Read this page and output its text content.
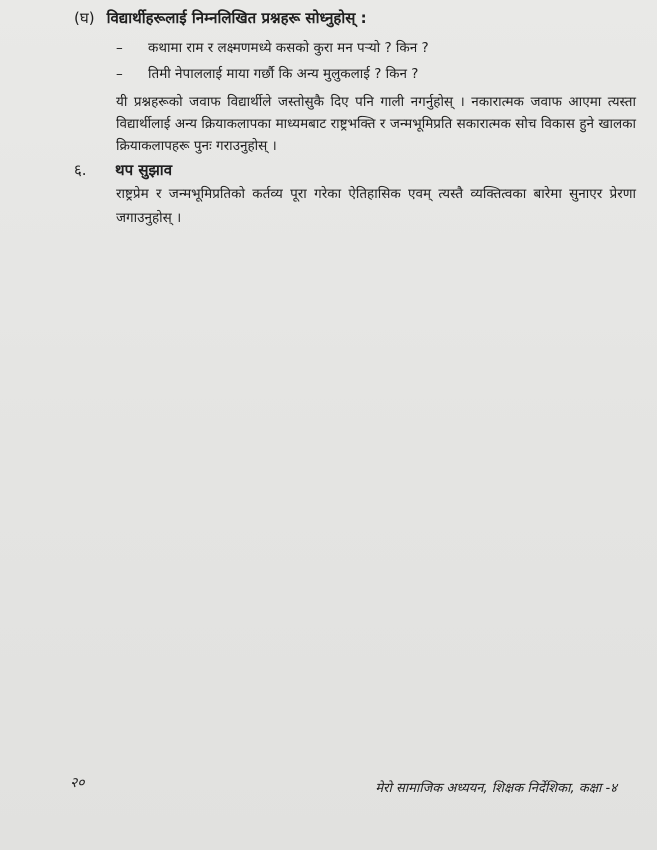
(घ) विद्यार्थीहरूलाई निम्नलिखित प्रश्नहरू सोध्नुहोस् :
– कथामा राम र लक्ष्मणमध्ये कसको कुरा मन पऱ्यो ? किन ?
– तिमी नेपाललाई माया गर्छौ कि अन्य मुलुकलाई ? किन ?
यी प्रश्नहरूको जवाफ विद्यार्थीले जस्तोसुकै दिए पनि गाली नगर्नुहोस् । नकारात्मक जवाफ आएमा त्यस्ता विद्यार्थीलाई अन्य क्रियाकलापका माध्यमबाट राष्ट्रभक्ति र जन्मभूमिप्रति सकारात्मक सोच विकास हुने खालका क्रियाकलापहरू पुनः गराउनुहोस् ।
६. थप सुझाव
राष्ट्रप्रेम र जन्मभूमिप्रतिको कर्तव्य पूरा गरेका ऐतिहासिक एवम् त्यस्तै व्यक्तित्वका बारेमा सुनाएर प्रेरणा जगाउनुहोस् ।
२०	मेरो सामाजिक अध्ययन, शिक्षक निर्देशिका, कक्षा -४
